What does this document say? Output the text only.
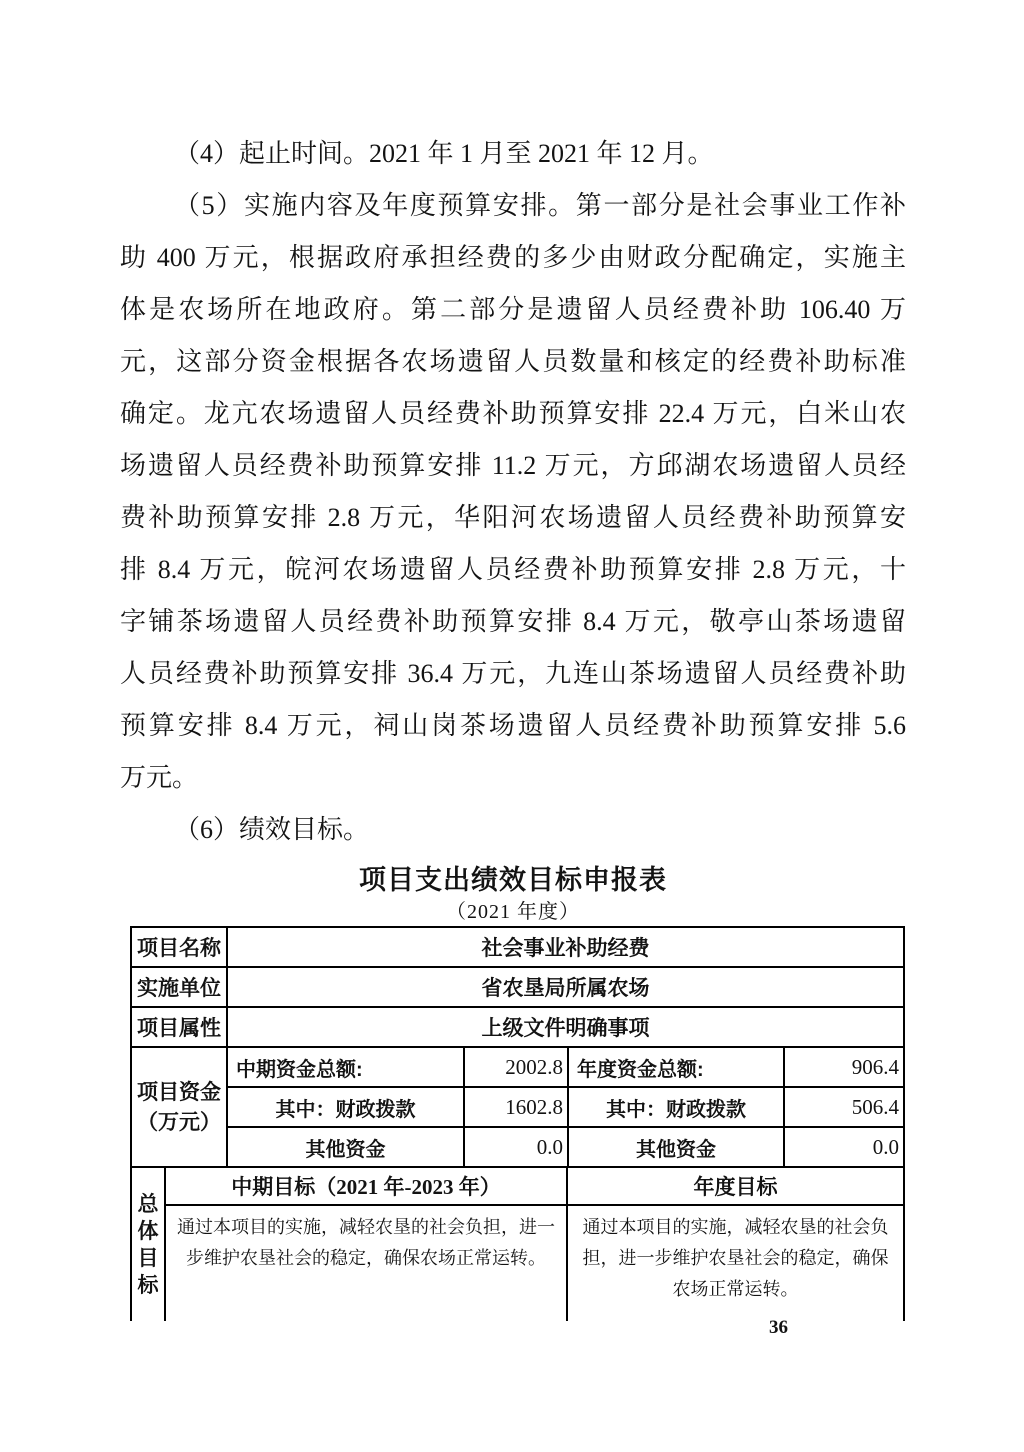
（4）起止时间。2021 年 1 月至 2021 年 12 月。
（5）实施内容及年度预算安排。第一部分是社会事业工作补
助 400 万元，根据政府承担经费的多少由财政分配确定，实施主
体是农场所在地政府。第二部分是遗留人员经费补助 106.40 万
元，这部分资金根据各农场遗留人员数量和核定的经费补助标准
确定。龙亢农场遗留人员经费补助预算安排 22.4 万元，白米山农
场遗留人员经费补助预算安排 11.2 万元，方邱湖农场遗留人员经
费补助预算安排 2.8 万元，华阳河农场遗留人员经费补助预算安
排 8.4 万元，皖河农场遗留人员经费补助预算安排 2.8 万元，十
字铺茶场遗留人员经费补助预算安排 8.4 万元，敬亭山茶场遗留
人员经费补助预算安排 36.4 万元，九连山茶场遗留人员经费补助
预算安排 8.4 万元，祠山岗茶场遗留人员经费补助预算安排 5.6
万元。
（6）绩效目标。
项目支出绩效目标申报表
（2021 年度）
项目名称	社会事业补助经费
实施单位	省农垦局所属农场
项目属性	上级文件明确事项
项目资金
（万元）
中期资金总额:	2002.8 年度资金总额:	906.4
其中：财政拨款	1602.8	其中：财政拨款	506.4
其他资金	0.0	其他资金	0.0
总体目标
中期目标（2021 年-2023 年）	年度目标
通过本项目的实施，减轻农垦的社会负担，进一步维护农垦社会的稳定，确保农场正常运转。
通过本项目的实施，减轻农垦的社会负担，进一步维护农垦社会的稳定，确保农场正常运转。
36
